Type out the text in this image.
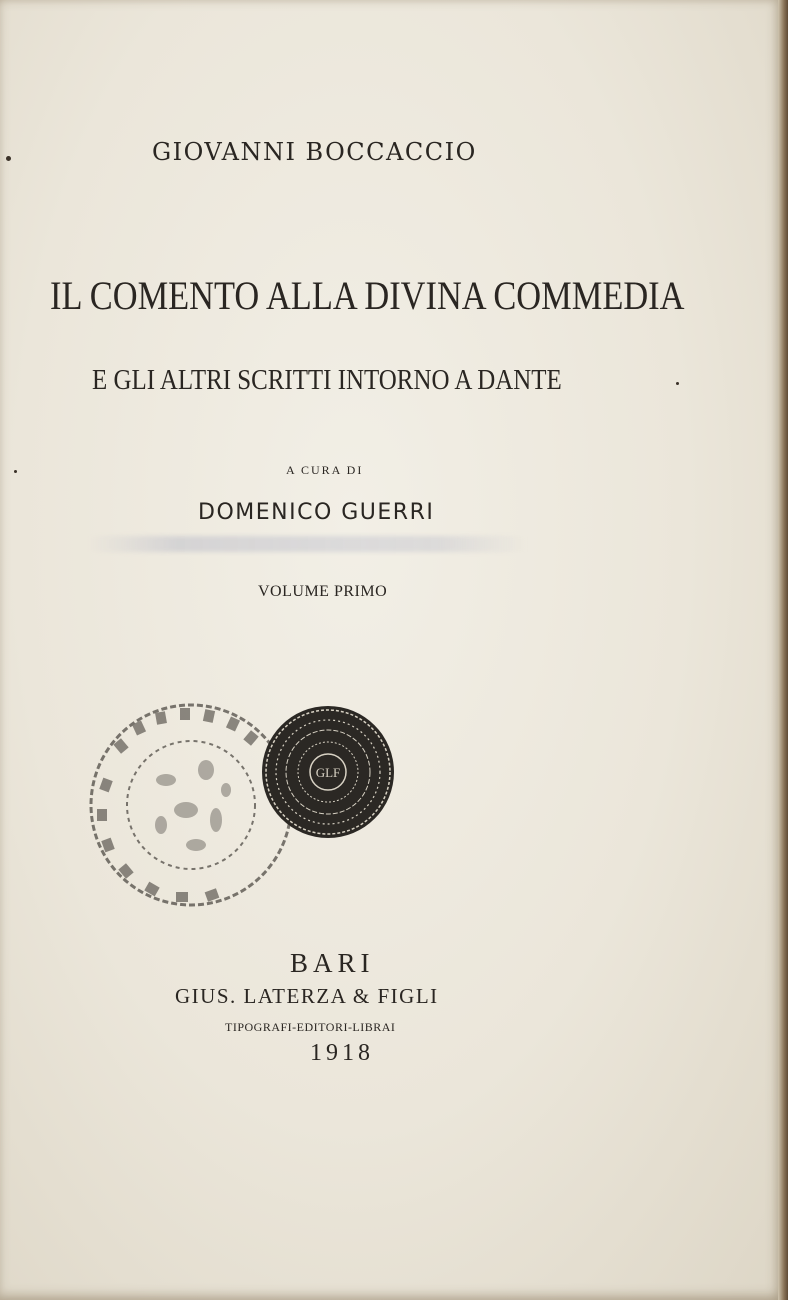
GIOVANNI BOCCACCIO
IL COMENTO ALLA DIVINA COMMEDIA
E GLI ALTRI SCRITTI INTORNO A DANTE
A CURA DI
DOMENICO GUERRI
VOLUME PRIMO
GLF
BARI
GIUS. LATERZA & FIGLI
TIPOGRAFI-EDITORI-LIBRAI
1918
